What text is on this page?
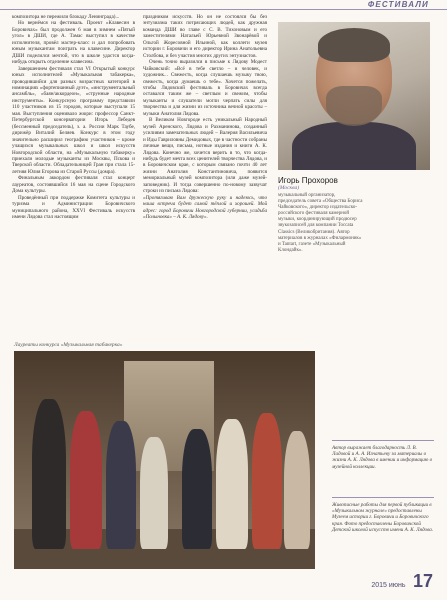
ФЕСТИВАЛИ

композитора не пережили блокаду Ленинграда)...

Но вернёмся на фестиваль. Проект «Клавесин в Боровичах» был продолжен 6 мая в зимнем «Пятый угол» в ДШИ, где А. Тамас выступил в качестве исполнителя, провёл мастер-класс и дал попробовать юным музыкантам поиграть на клавесине. Директор ДШИ поделился мечтой, что в школе удастся когда-нибудь открыть отделение клавесина.

Завершением фестиваля стал VI Открытый конкурс юных исполнителей «Музыкальная табакерка», проводившийся для разных возрастных категорий в номинациях «фортепианный дуэт», «инструментальный ансамбль», «баян/аккордеон», «струнные народные инструменты». Конкурсную программу представили 110 участников из 15 городов, которые выступали 15 мая. Выступления оценивало жюри: профессор Санкт-Петербургской консерватории Игорь Лебедев (бессменный председатель), з. а. России Марк Таубе, дирижёр Виталий Беляев. Конкурс в этом году значительно расширил географию участников – кроме учащихся музыкальных школ и школ искусств Новгородской области, на «Музыкальную табакерку» приехали молодые музыканты из Москвы, Пскова и Тверской области. Обладательницей Гран при стала 15-летняя Юлия Егорова из Старой Руссы (домра).

Финальным аккордом фестиваля стал концерт лауреатов, состоявшийся 16 мая на сцене Городского Дома культуры.

Проведённый при поддержке Комитета культуры и туризма и Администрации Боровичского муниципального района, XXVI Фестиваль искусств имени Лядова стал настоящим

праздником искусств. Но он не состоялся бы без энтузиазма таких потрясающих людей, как дружная команда ДШИ во главе с С. В. Тихоновым и его заместителями Натальей Юрьевной Звонарёвой и Ольгой Жоресовной Ильиной, как коллеги музея истории г. Боровичи и его директор Ирина Анатольевна Столбова, и без участия многих других энтузиастов.

Очень точно выразился в письме к Лядову Модест Чайковский: «Всё в тебе светло – и человек, и художник... Свежесть, когда слушаешь музыку твою, свежесть, когда думаешь о тебе». Хочется пожелать, чтобы Лядовский фестиваль в Боровичах всегда оставался таким же – светлым и свежим, чтобы музыканты и слушатели могли черпать силы для творчества и для жизни из источника вечной красоты – музыки Анатолия Лядова.

В Великом Новгороде есть уникальный Народный музей Аренского, Лядова и Рахманинова, созданный усилиями замечательных людей – Валерия Васильевича и Иды Гавриловны Демидовых, где в частности собраны личные вещи, письма, нотные издания и книги А. К. Лядова. Конечно же, хочется верить в то, что когда-нибудь будет мечта всех ценителей творчества Лядова, и в Боровичском крае, с которым связано почти 40 лет жизни Анатолия Константиновича, появится мемориальный музей композитора (или даже музей-заповедник). И тогда совершенно по-новому зазвучат строки из письма Лядова:

«Протягиваю Вам дружескую руку и надеюсь, что наша встреча будет самой тёплой и хорошей. Мой адрес: город Боровичи Новгородской губернии, усадьба «Полыновка» – А. К. Лядову».

Игорь Прохоров
(Москва)
музыкальный организатор, председатель совета «Общества Бориса Чайковского», директор издательско-российского фестиваля камерной музыки, координирующий продюсер звукозаписей для компании Toccata Classics (Великобритания). Автор материалов в журналах «Филармоник» и Tantart, газете «Музыкальный Клондайк».
Автор выражает благодарность Л. В. Ладовой и А. А. Игнатьеву за материалы о жизни А. К. Лядова в имении и информацию о музейной коллекции.
Живописные работы для первой публикации в «Музыкальном журнале» предоставлены Музеем истории г. Боровичи и Боровичского края. Фото предоставлены Боровичской Детской школой искусств имени А. К. Лядова.
Лауреаты конкурса «Музыкальная табакерка»
2015 июнь 17
